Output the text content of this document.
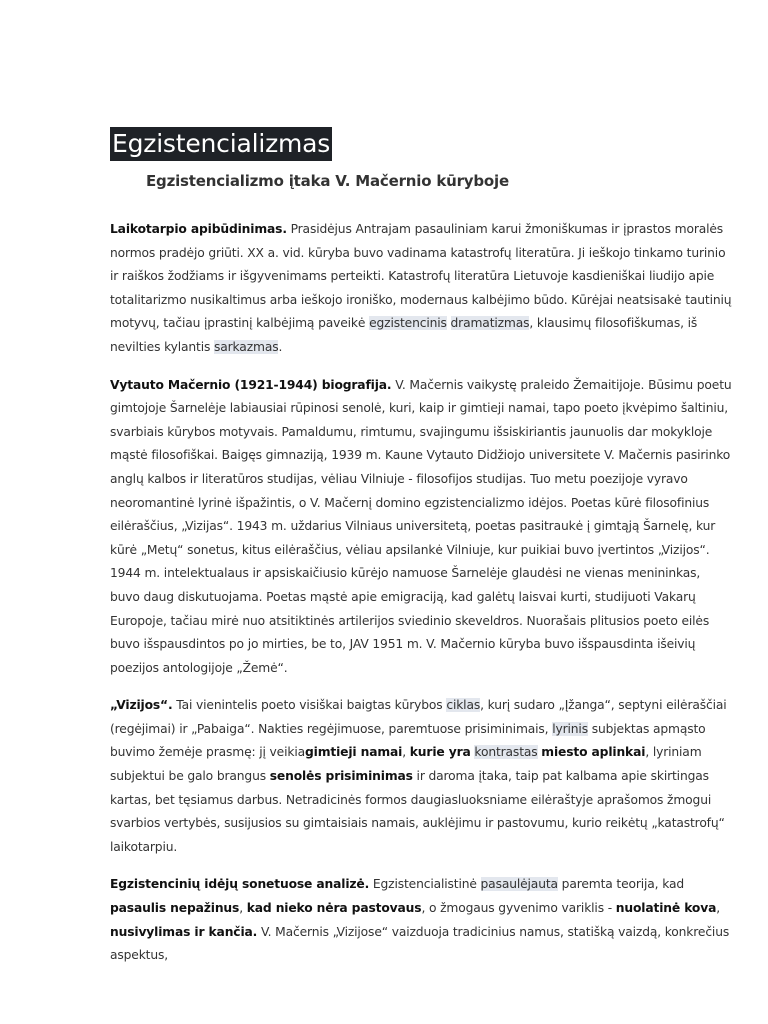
Egzistencializmas
Egzistencializmo įtaka V. Mačernio kūryboje

Laikotarpio apibūdinimas. Prasidėjus Antrajam pasauliniam karui žmoniškumas ir įprastos moralės normos pradėjo griūti. XX a. vid. kūryba buvo vadinama katastrofų literatūra. Ji ieškojo tinkamo turinio ir raiškos žodžiams ir išgyvenimams perteikti. Katastrofų literatūra Lietuvoje kasdieniškai liudijo apie totalitarizmo nusikaltimus arba ieškojo ironiško, modernaus kalbėjimo būdo. Kūrėjai neatsisakė tautinių motyvų, tačiau įprastinį kalbėjimą paveikė egzistencinis dramatizmas, klausimų filosofiškumas, iš nevilties kylantis sarkazmas.

Vytauto Mačernio (1921-1944) biografija. V. Mačernis vaikystę praleido Žemaitijoje. Būsimu poetu gimtojoje Šarnelėje labiausiai rūpinosi senolė, kuri, kaip ir gimtieji namai, tapo poeto įkvėpimo šaltiniu, svarbiais kūrybos motyvais. Pamaldumu, rimtumu, svajingumu išsiskiriantis jaunuolis dar mokykloje mąstė filosofiškai. Baigęs gimnaziją, 1939 m. Kaune Vytauto Didžiojo universitete V. Mačernis pasirinko anglų kalbos ir literatūros studijas, vėliau Vilniuje - filosofijos studijas. Tuo metu poezijoje vyravo neoromantinė lyrinė išpažintis, o V. Mačernį domino egzistencializmo idėjos. Poetas kūrė filosofinius eilėraščius, „Vizijas“. 1943 m. uždarius Vilniaus universitetą, poetas pasitraukė į gimtąją Šarnelę, kur kūrė „Metų“ sonetus, kitus eilėraščius, vėliau apsilankė Vilniuje, kur puikiai buvo įvertintos „Vizijos“. 1944 m. intelektualaus ir apsiskaičiusio kūrėjo namuose Šarnelėje glaudėsi ne vienas menininkas, buvo daug diskutuojama. Poetas mąstė apie emigraciją, kad galėtų laisvai kurti, studijuoti Vakarų Europoje, tačiau mirė nuo atsitiktinės artilerijos sviedinio skeveldros. Nuorašais plitusios poeto eilės buvo išspausdintos po jo mirties, be to, JAV 1951 m. V. Mačernio kūryba buvo išspausdinta išeivių poezijos antologijoje „Žemė“.

„Vizijos“. Tai vienintelis poeto visiškai baigtas kūrybos ciklas, kurį sudaro „Įžanga“, septyni eilėraščiai (regėjimai) ir „Pabaiga“. Nakties regėjimuose, paremtuose prisiminimais, lyrinis subjektas apmąsto buvimo žemėje prasmę: jį veikiagimtieji namai, kurie yra kontrastas miesto aplinkai, lyriniam subjektui be galo brangus senolės prisiminimas ir daroma įtaka, taip pat kalbama apie skirtingas kartas, bet tęsiamus darbus. Netradicinės formos daugiasluoksniame eilėraštyje aprašomos žmogui svarbios vertybės, susijusios su gimtaisiais namais, auklėjimu ir pastovumu, kurio reikėtų „katastrofų“ laikotarpiu.

Egzistencinių idėjų sonetuose analizė. Egzistencialistinė pasaulėjauta paremta teorija, kad pasaulis nepažinus, kad nieko nėra pastovaus, o žmogaus gyvenimo variklis - nuolatinė kova, nusivylimas ir kančia. V. Mačernis „Vizijose“ vaizduoja tradicinius namus, statišką vaizdą, konkrečius aspektus,
